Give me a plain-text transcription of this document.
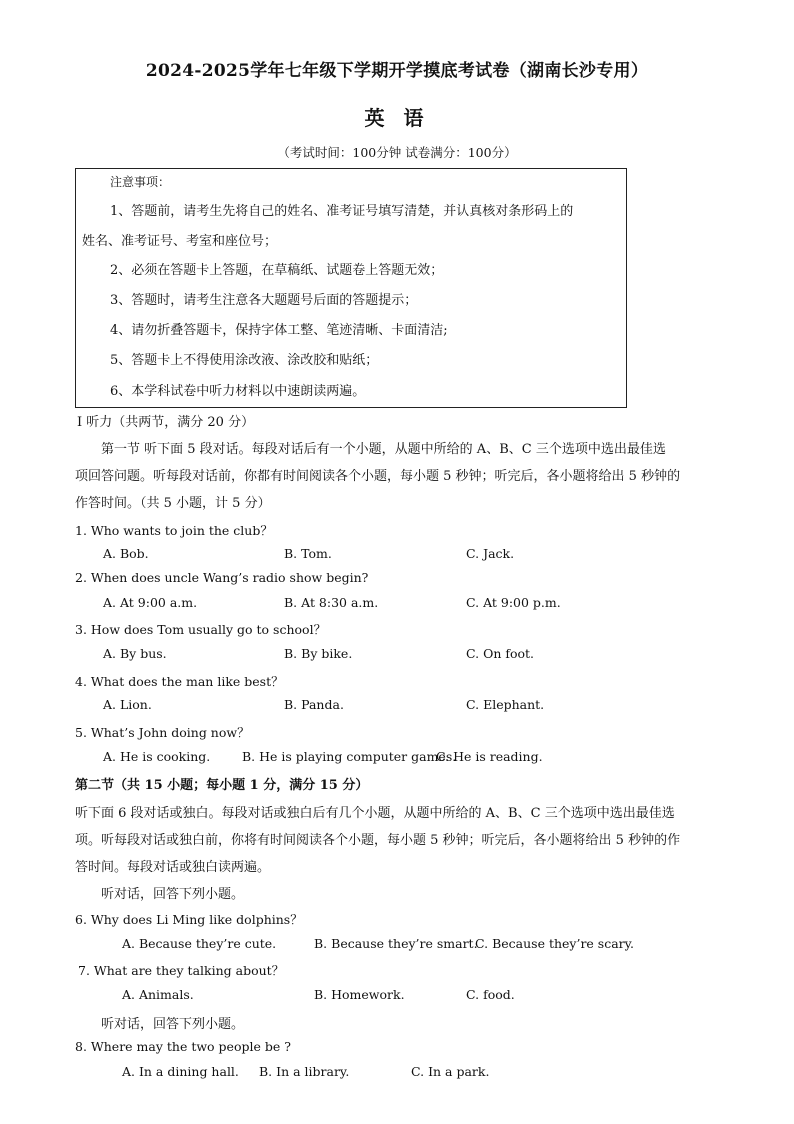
2024-2025学年七年级下学期开学摸底考试卷（湖南长沙专用）
英 语
（考试时间：100分钟 试卷满分：100分）
注意事项：
1、答题前，请考生先将自己的姓名、准考证号填写清楚，并认真核对条形码上的
姓名、准考证号、考室和座位号；
2、必须在答题卡上答题，在草稿纸、试题卷上答题无效；
3、答题时，请考生注意各大题题号后面的答题提示；
4、请勿折叠答题卡，保持字体工整、笔迹清晰、卡面清洁;
5、答题卡上不得使用涂改液、涂改胶和贴纸；
6、本学科试卷中听力材料以中速朗读两遍。
Ⅰ 听力（共两节，满分 20 分）
第一节 听下面 5 段对话。每段对话后有一个小题，从题中所给的 A、B、C 三个选项中选出最佳选
项回答问题。听每段对话前，你都有时间阅读各个小题，每小题 5 秒钟；听完后，各小题将给出 5 秒钟的
作答时间。（共 5 小题，计 5 分）
1. Who wants to join the club？
A. Bob.	B. Tom.	C. Jack.
2. When does uncle Wang’s radio show begin?
A. At 9:00 a.m.	B. At 8:30 a.m.	C. At 9:00 p.m.
3. How does Tom usually go to school？
A. By bus.	B. By bike.	C. On foot.
4. What does the man like best？
A. Lion.	B. Panda.	C. Elephant.
5. What’s John doing now？
A. He is cooking.	B. He is playing computer games.
C. He is reading.
第二节（共 15 小题；每小题 1 分，满分 15 分）
听下面 6 段对话或独白。每段对话或独白后有几个小题，从题中所给的 A、B、C 三个选项中选出最佳选
项。听每段对话或独白前，你将有时间阅读各个小题，每小题 5 秒钟；听完后，各小题将给出 5 秒钟的作
答时间。每段对话或独白读两遍。
听对话，回答下列小题。
6. Why does Li Ming like dolphins？
A. Because they’re cute.	B. Because they’re smart.
C. Because they’re scary.
7. What are they talking about？
A. Animals.	B. Homework.	C. food.
听对话，回答下列小题。
8. Where may the two people be ?
A. In a dining hall. B. In a library.	C. In a park.
